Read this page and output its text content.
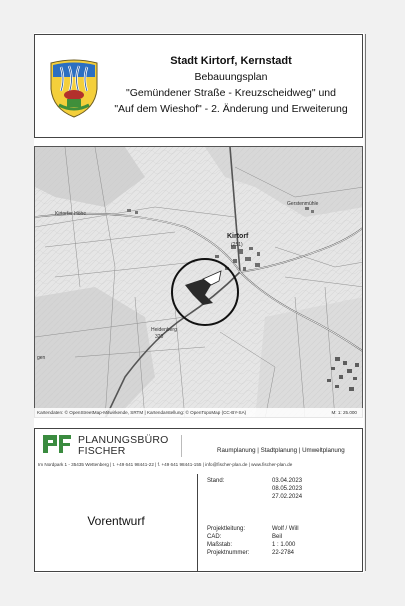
Stadt Kirtorf, Kernstadt
Bebauungsplan
"Gemündener Straße - Kreuzscheidweg" und
"Auf dem Wieshof" - 2. Änderung und Erweiterung
Kirtorf
(251)
Kirtorfer Höhe
Gerstenmühle
Heidenberg
320
gen
Kartendaten: © OpenStreetMap-Mitwirkende, SRTM | Kartendarstellung: © OpenTopoMap (CC-BY-SA)	M: 1: 25.000
PLANUNGSBÜRO
FISCHER	Raumplanung | Stadtplanung | Umweltplanung
Im Nordpark 1 - 35435 Wettenberg | t. +49 641 98441-22 | f. +49 641 98441-155 | info@fischer-plan.de | www.fischer-plan.de
Vorentwurf
Stand:	03.04.2023
08.05.2023
27.02.2024
Projektleitung:	Wolf / Will
CAD:	Beil
Maßstab:	1 : 1.000
Projektnummer:	22-2784
